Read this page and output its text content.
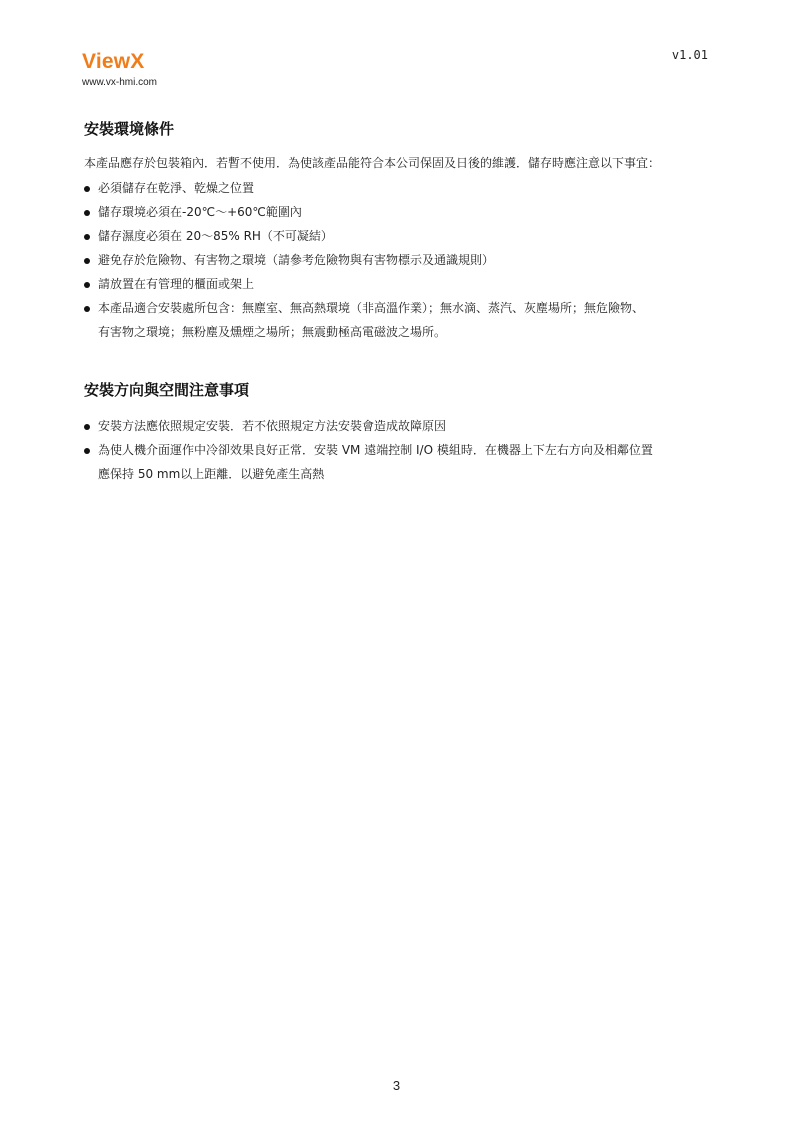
ViewX
www.vx-hmi.com
v1.01
安裝環境條件

本產品應存於包裝箱內．若暫不使用．為使該產品能符合本公司保固及日後的維護．儲存時應注意以下事宜：

必須儲存在乾淨、乾燥之位置
儲存環境必須在-20℃～+60℃範圍內
儲存濕度必須在 20～85% RH（不可凝結）
避免存於危險物、有害物之環境（請參考危險物與有害物標示及通識規則）
請放置在有管理的櫃面或架上
本產品適合安裝處所包含：無塵室、無高熱環境（非高溫作業）；無水滴、蒸汽、灰塵場所；無危險物、
有害物之環境；無粉塵及燻煙之場所；無震動極高電磁波之場所。
安裝方向與空間注意事項
安裝方法應依照規定安裝．若不依照規定方法安裝會造成故障原因
為使人機介面運作中冷卻效果良好正常．安裝 VM 遠端控制 I/O 模組時．在機器上下左右方向及相鄰位置
應保持 50 mm以上距離．以避免產生高熱
3
